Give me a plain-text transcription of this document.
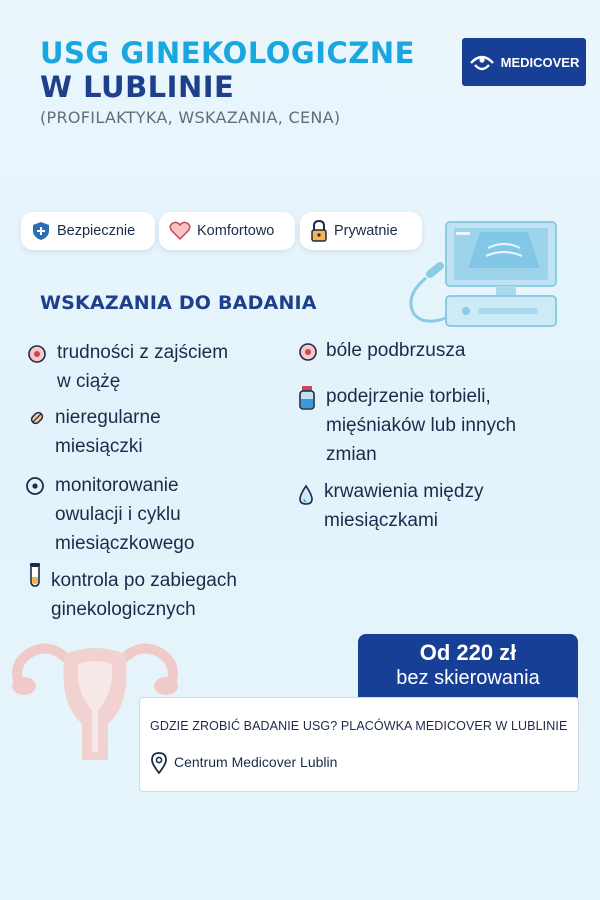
USG GINEKOLOGICZNE
W LUBLINIE
(PROFILAKTYKA, WSKAZANIA, CENA)
MEDICOVER
Bezpiecznie	Komfortowo	Prywatnie
WSKAZANIA DO BADANIA
trudności z zajściem
w ciążę
nieregularne
miesiączki
monitorowanie
owulacji i cyklu
miesiączkowego
kontrola po zabiegach
ginekologicznych
bóle podbrzusza
podejrzenie torbieli,
mięśniaków lub innych
zmian
krwawienia między
miesiączkami
Od 220 zł
bez skierowania
GDZIE ZROBIĆ BADANIE USG? PLACÓWKA MEDICOVER W LUBLINIE
Centrum Medicover Lublin
